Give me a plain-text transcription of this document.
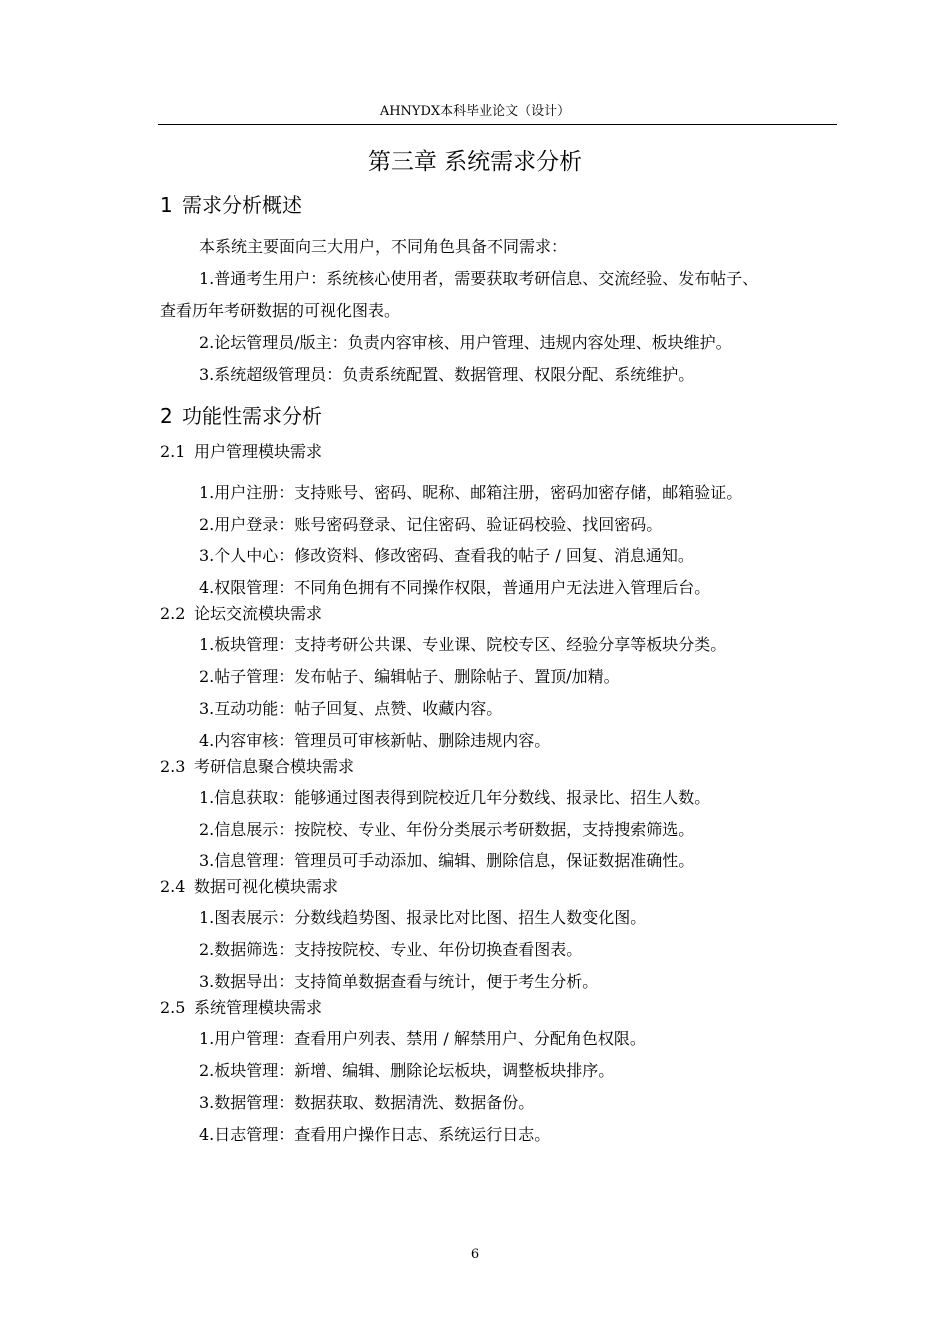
AHNYDX本科毕业论文（设计）
第三章 系统需求分析
1 需求分析概述
本系统主要面向三大用户，不同角色具备不同需求：
1.普通考生用户：系统核心使用者，需要获取考研信息、交流经验、发布帖子、
查看历年考研数据的可视化图表。
2.论坛管理员/版主：负责内容审核、用户管理、违规内容处理、板块维护。
3.系统超级管理员：负责系统配置、数据管理、权限分配、系统维护。
2 功能性需求分析
2.1 用户管理模块需求
1.用户注册：支持账号、密码、昵称、邮箱注册，密码加密存储，邮箱验证。
2.用户登录：账号密码登录、记住密码、验证码校验、找回密码。
3.个人中心：修改资料、修改密码、查看我的帖子 / 回复、消息通知。
4.权限管理：不同角色拥有不同操作权限，普通用户无法进入管理后台。
2.2 论坛交流模块需求
1.板块管理：支持考研公共课、专业课、院校专区、经验分享等板块分类。
2.帖子管理：发布帖子、编辑帖子、删除帖子、置顶/加精。
3.互动功能：帖子回复、点赞、收藏内容。
4.内容审核：管理员可审核新帖、删除违规内容。
2.3 考研信息聚合模块需求
1.信息获取：能够通过图表得到院校近几年分数线、报录比、招生人数。
2.信息展示：按院校、专业、年份分类展示考研数据，支持搜索筛选。
3.信息管理：管理员可手动添加、编辑、删除信息，保证数据准确性。
2.4 数据可视化模块需求
1.图表展示：分数线趋势图、报录比对比图、招生人数变化图。
2.数据筛选：支持按院校、专业、年份切换查看图表。
3.数据导出：支持简单数据查看与统计，便于考生分析。
2.5 系统管理模块需求
1.用户管理：查看用户列表、禁用 / 解禁用户、分配角色权限。
2.板块管理：新增、编辑、删除论坛板块，调整板块排序。
3.数据管理：数据获取、数据清洗、数据备份。
4.日志管理：查看用户操作日志、系统运行日志。
6
